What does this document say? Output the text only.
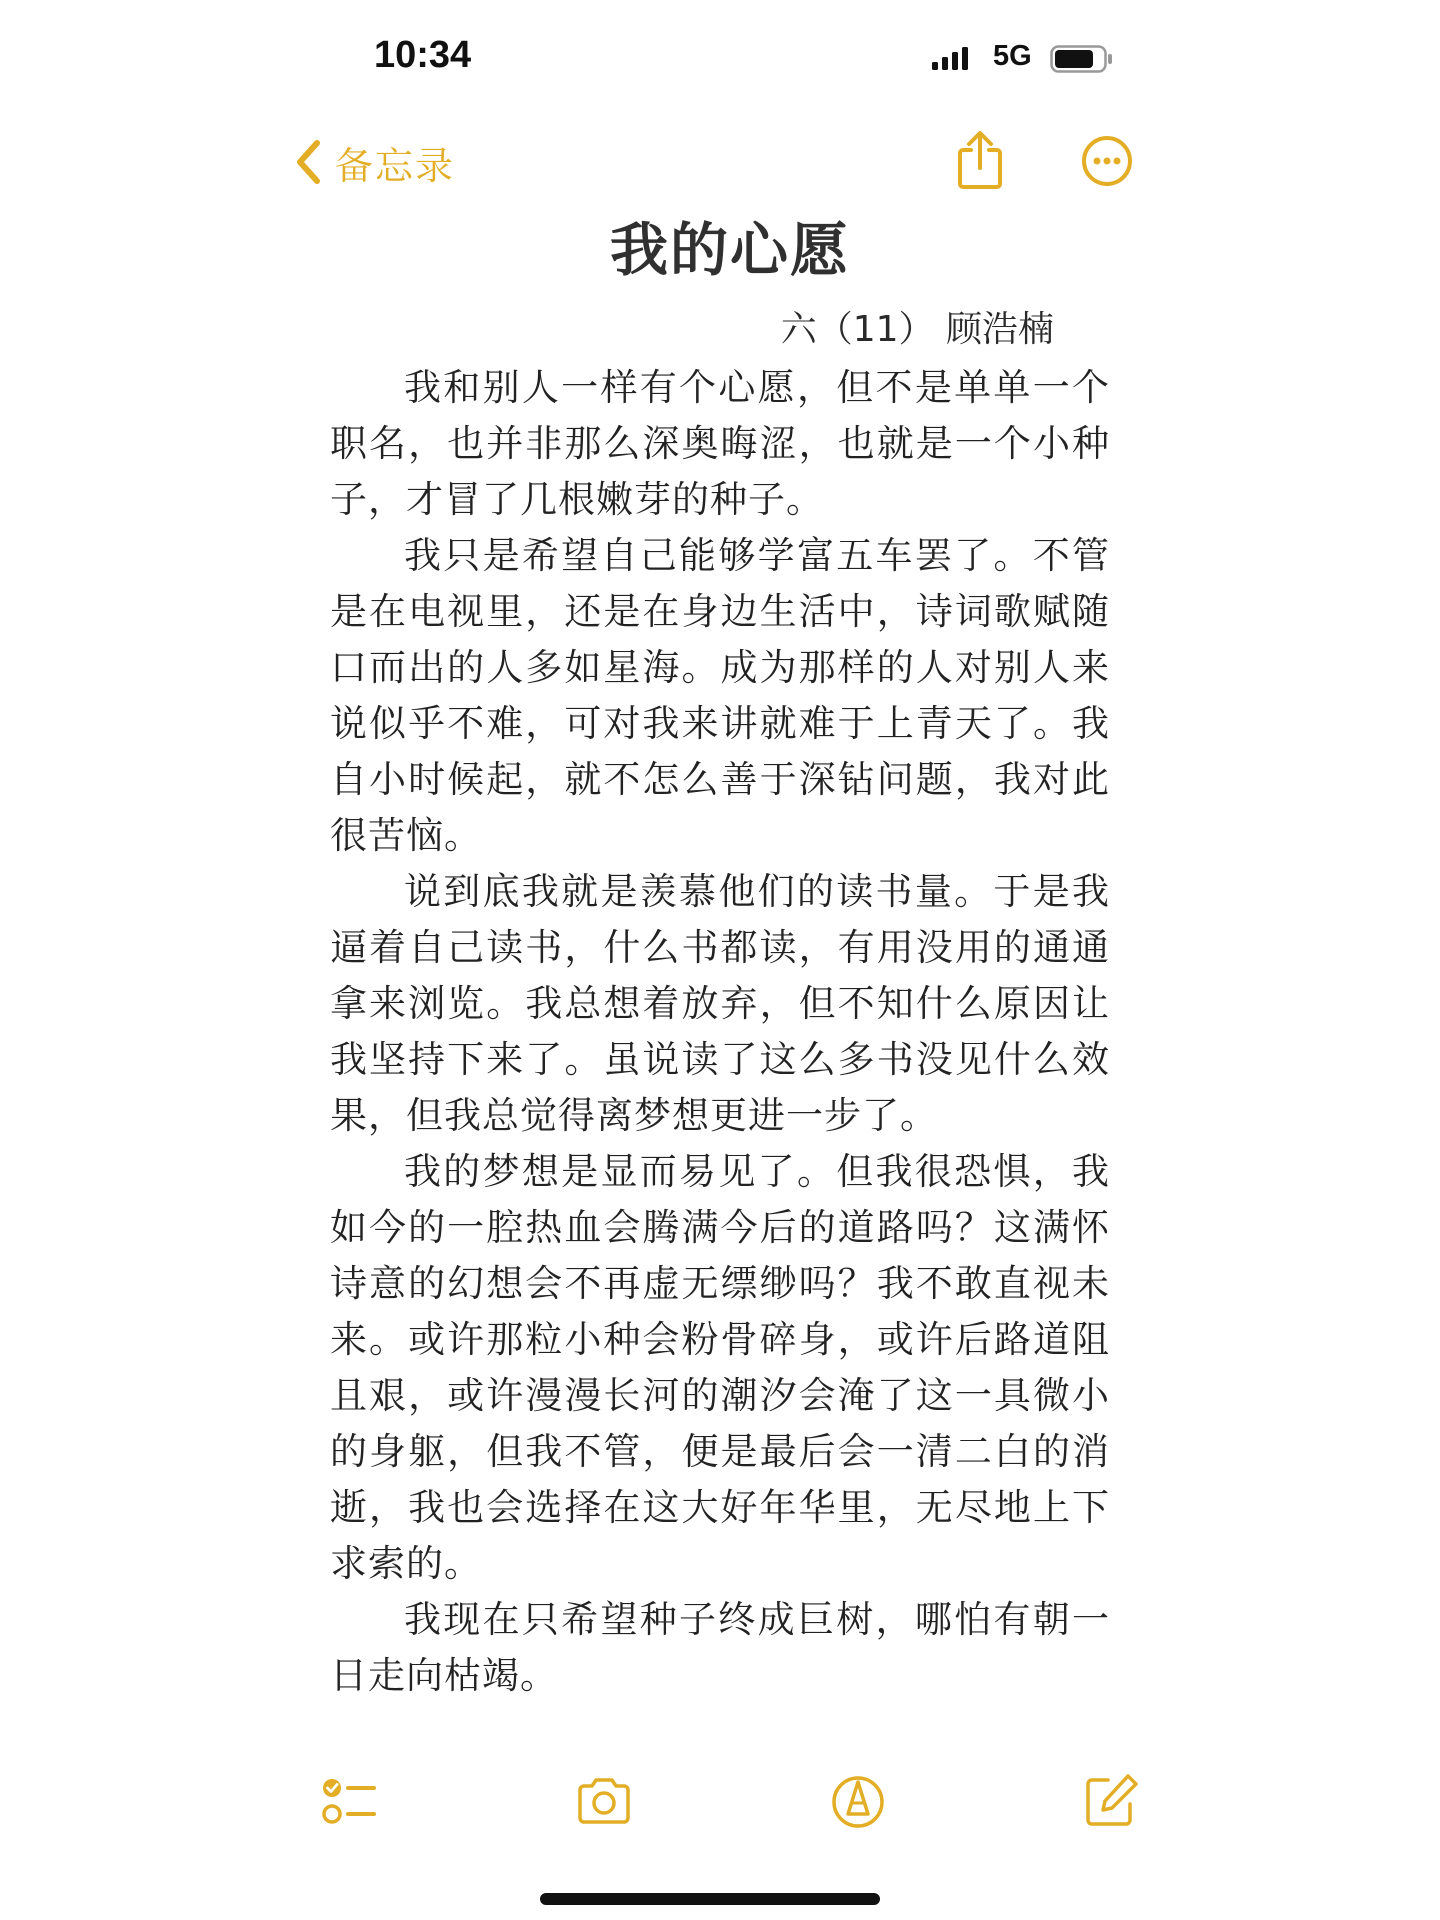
10:34	5G
备忘录
我的心愿

六（11） 顾浩楠

我和别人一样有个心愿，但不是单单一个职名，也并非那么深奥晦涩，也就是一个小种子，才冒了几根嫩芽的种子。

我只是希望自己能够学富五车罢了。不管是在电视里，还是在身边生活中，诗词歌赋随口而出的人多如星海。成为那样的人对别人来说似乎不难，可对我来讲就难于上青天了。我自小时候起，就不怎么善于深钻问题，我对此很苦恼。

说到底我就是羡慕他们的读书量。于是我逼着自己读书，什么书都读，有用没用的通通拿来浏览。我总想着放弃，但不知什么原因让我坚持下来了。虽说读了这么多书没见什么效果，但我总觉得离梦想更进一步了。

我的梦想是显而易见了。但我很恐惧，我如今的一腔热血会腾满今后的道路吗？这满怀诗意的幻想会不再虚无缥缈吗？我不敢直视未来。或许那粒小种会粉骨碎身，或许后路道阻且艰，或许漫漫长河的潮汐会淹了这一具微小的身躯，但我不管，便是最后会一清二白的消逝，我也会选择在这大好年华里，无尽地上下求索的。

我现在只希望种子终成巨树，哪怕有朝一日走向枯竭。
